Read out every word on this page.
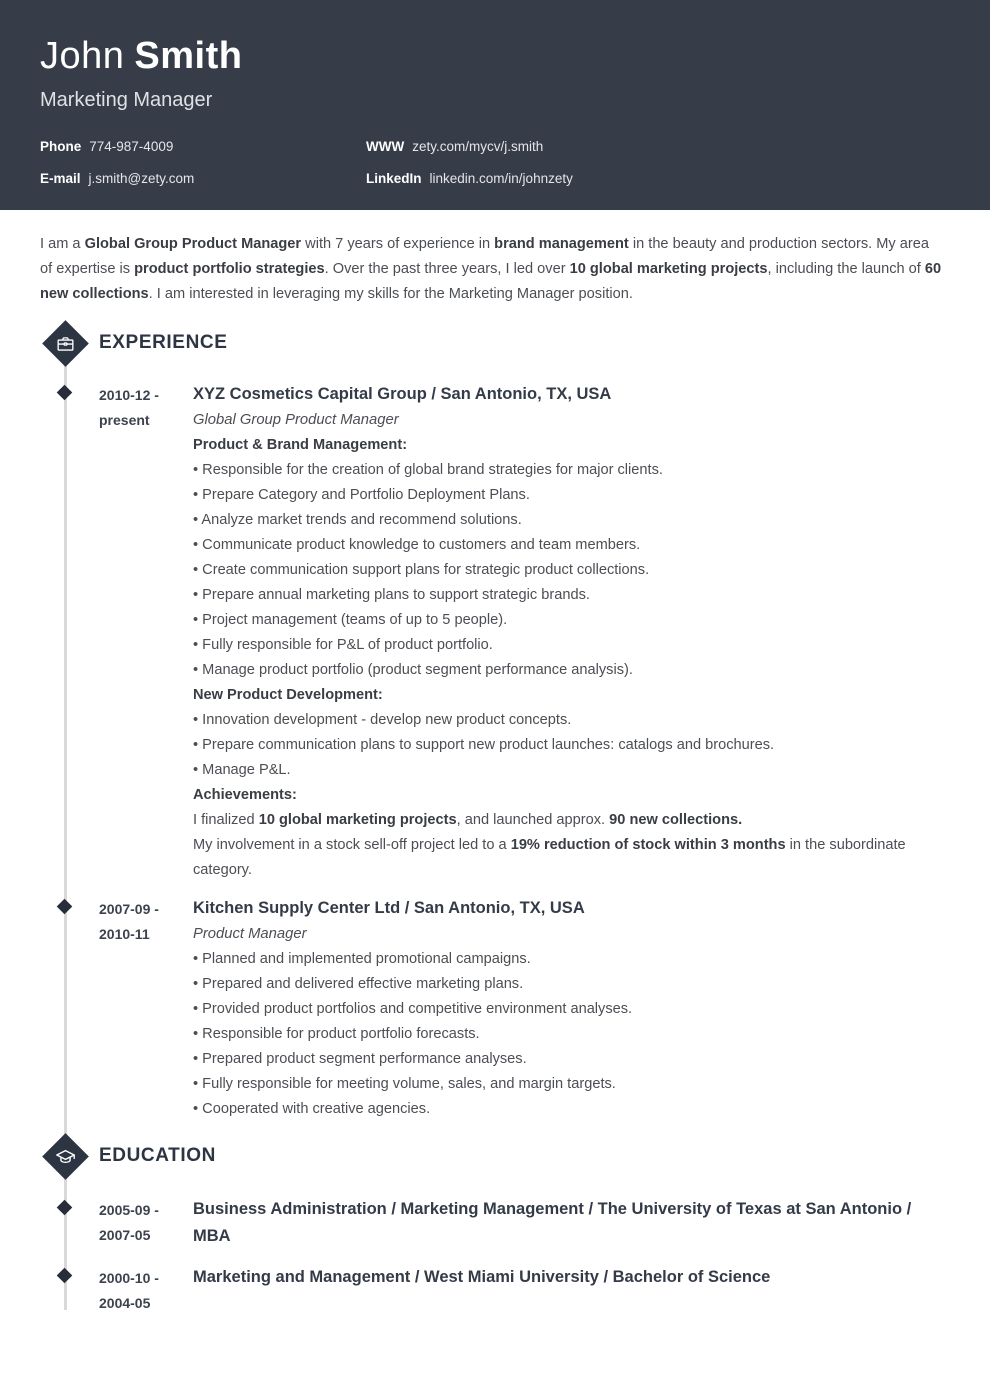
John Smith
Marketing Manager
Phone 774-987-4009	WWW zety.com/mycv/j.smith
E-mail j.smith@zety.com	LinkedIn linkedin.com/in/johnzety

I am a Global Group Product Manager with 7 years of experience in brand management in the beauty and production sectors. My area of expertise is product portfolio strategies. Over the past three years, I led over 10 global marketing projects, including the launch of 60 new collections. I am interested in leveraging my skills for the Marketing Manager position.

EXPERIENCE
2010-12 -
present
XYZ Cosmetics Capital Group / San Antonio, TX, USA
Global Group Product Manager
Product & Brand Management:
• Responsible for the creation of global brand strategies for major clients.
• Prepare Category and Portfolio Deployment Plans.
• Analyze market trends and recommend solutions.
• Communicate product knowledge to customers and team members.
• Create communication support plans for strategic product collections.
• Prepare annual marketing plans to support strategic brands.
• Project management (teams of up to 5 people).
• Fully responsible for P&L of product portfolio.
• Manage product portfolio (product segment performance analysis).
New Product Development:
• Innovation development - develop new product concepts.
• Prepare communication plans to support new product launches: catalogs and brochures.
• Manage P&L.
Achievements:
I finalized 10 global marketing projects, and launched approx. 90 new collections.
My involvement in a stock sell-off project led to a 19% reduction of stock within 3 months in the subordinate category.
2007-09 -
2010-11
Kitchen Supply Center Ltd / San Antonio, TX, USA
Product Manager
• Planned and implemented promotional campaigns.
• Prepared and delivered effective marketing plans.
• Provided product portfolios and competitive environment analyses.
• Responsible for product portfolio forecasts.
• Prepared product segment performance analyses.
• Fully responsible for meeting volume, sales, and margin targets.
• Cooperated with creative agencies.
EDUCATION
2005-09 -
2007-05
Business Administration / Marketing Management / The University of Texas at San Antonio / MBA
2000-10 -
2004-05
Marketing and Management / West Miami University / Bachelor of Science
